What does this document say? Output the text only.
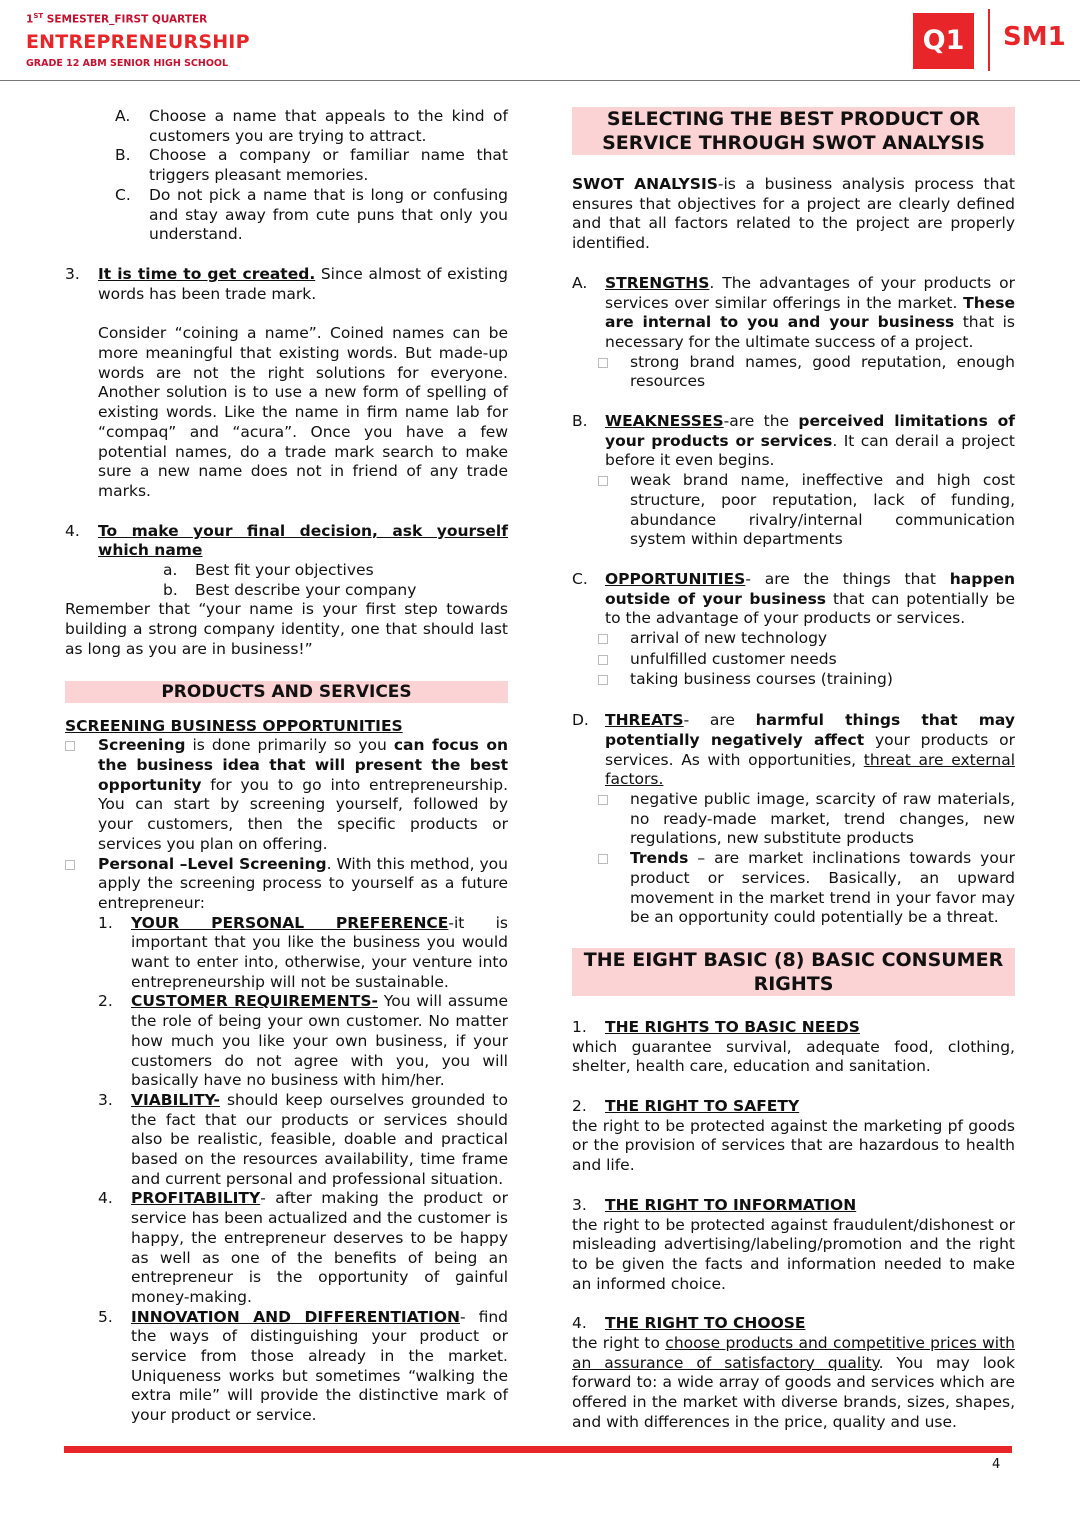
1ST SEMESTER_FIRST QUARTER
ENTREPRENEURSHIP
GRADE 12 ABM SENIOR HIGH SCHOOL
Q1	SM1
A.	Choose a name that appeals to the kind of customers you are trying to attract.
B.	Choose a company or familiar name that triggers pleasant memories.
C.	Do not pick a name that is long or confusing and stay away from cute puns that only you understand.
3.	It is time to get created. Since almost of existing words has been trade mark.

Consider “coining a name”. Coined names can be more meaningful that existing words. But made-up words are not the right solutions for everyone. Another solution is to use a new form of spelling of existing words. Like the name in firm name lab for “compaq” and “acura”. Once you have a few potential names, do a trade mark search to make sure a new name does not in friend of any trade marks.

4.	To make your final decision, ask yourself which name
a.	Best fit your objectives
b.	Best describe your company

Remember that “your name is your first step towards building a strong company identity, one that should last as long as you are in business!”

PRODUCTS AND SERVICES
SCREENING BUSINESS OPPORTUNITIES
Screening is done primarily so you can focus on the business idea that will present the best opportunity for you to go into entrepreneurship. You can start by screening yourself, followed by your customers, then the specific products or services you plan on offering.
Personal –Level Screening. With this method, you apply the screening process to yourself as a future entrepreneur:
1.	YOUR PERSONAL PREFERENCE-it is important that you like the business you would want to enter into, otherwise, your venture into entrepreneurship will not be sustainable.
2.	CUSTOMER REQUIREMENTS- You will assume the role of being your own customer. No matter how much you like your own business, if your customers do not agree with you, you will basically have no business with him/her.
3.	VIABILITY- should keep ourselves grounded to the fact that our products or services should also be realistic, feasible, doable and practical based on the resources availability, time frame and current personal and professional situation.
4.	PROFITABILITY- after making the product or service has been actualized and the customer is happy, the entrepreneur deserves to be happy as well as one of the benefits of being an entrepreneur is the opportunity of gainful money-making.
5.	INNOVATION AND DIFFERENTIATION- find the ways of distinguishing your product or service from those already in the market. Uniqueness works but sometimes “walking the extra mile” will provide the distinctive mark of your product or service.
SELECTING THE BEST PRODUCT OR SERVICE THROUGH SWOT ANALYSIS

SWOT ANALYSIS-is a business analysis process that ensures that objectives for a project are clearly defined and that all factors related to the project are properly identified.

A.	STRENGTHS. The advantages of your products or services over similar offerings in the market. These are internal to you and your business that is necessary for the ultimate success of a project.
strong brand names, good reputation, enough resources
B.	WEAKNESSES-are the perceived limitations of your products or services. It can derail a project before it even begins.
weak brand name, ineffective and high cost structure, poor reputation, lack of funding, abundance rivalry/internal communication system within departments
C.	OPPORTUNITIES- are the things that happen outside of your business that can potentially be to the advantage of your products or services.
arrival of new technology
unfulfilled customer needs
taking business courses (training)
D.	THREATS- are harmful things that may potentially negatively affect your products or services. As with opportunities, threat are external factors.
negative public image, scarcity of raw materials, no ready-made market, trend changes, new regulations, new substitute products
Trends – are market inclinations towards your product or services. Basically, an upward movement in the market trend in your favor may be an opportunity could potentially be a threat.
THE EIGHT BASIC (8) BASIC CONSUMER RIGHTS
1.	THE RIGHTS TO BASIC NEEDS

which guarantee survival, adequate food, clothing, shelter, health care, education and sanitation.

2.	THE RIGHT TO SAFETY

the right to be protected against the marketing pf goods or the provision of services that are hazardous to health and life.

3.	THE RIGHT TO INFORMATION

the right to be protected against fraudulent/dishonest or misleading advertising/labeling/promotion and the right to be given the facts and information needed to make an informed choice.

4.	THE RIGHT TO CHOOSE

the right to choose products and competitive prices with an assurance of satisfactory quality. You may look forward to: a wide array of goods and services which are offered in the market with diverse brands, sizes, shapes, and with differences in the price, quality and use.

4
